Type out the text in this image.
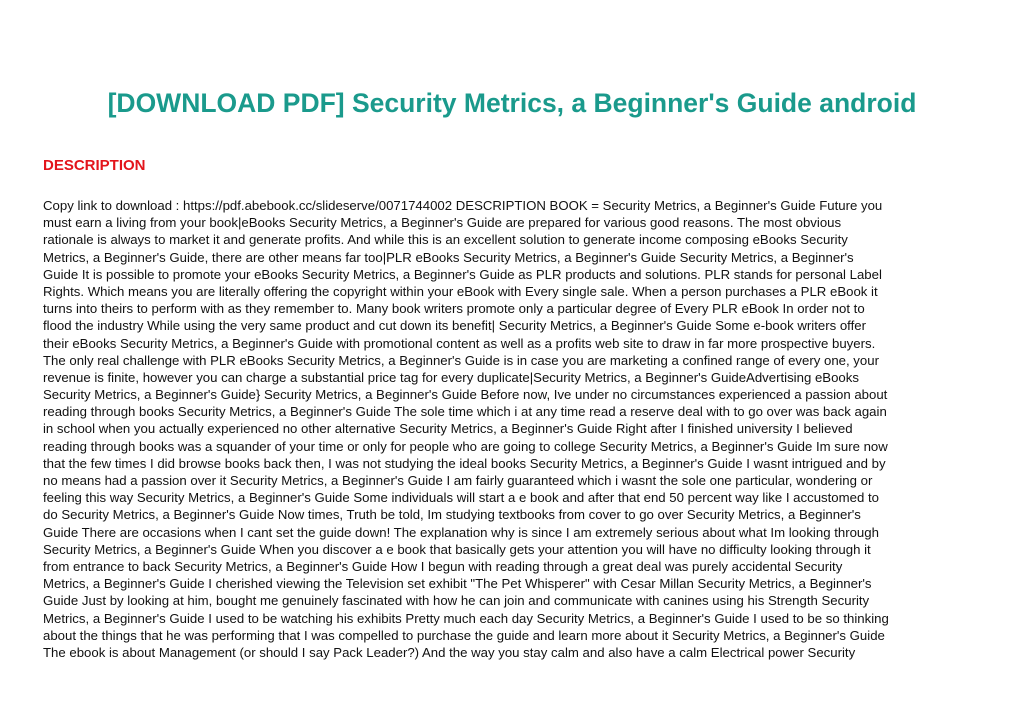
[DOWNLOAD PDF] Security Metrics, a Beginner's Guide android
DESCRIPTION
Copy link to download : https://pdf.abebook.cc/slideserve/0071744002 DESCRIPTION BOOK = Security Metrics, a Beginner's Guide Future you
must earn a living from your book|eBooks Security Metrics, a Beginner's Guide are prepared for various good reasons. The most obvious
rationale is always to market it and generate profits. And while this is an excellent solution to generate income composing eBooks Security
Metrics, a Beginner's Guide, there are other means far too|PLR eBooks Security Metrics, a Beginner's Guide Security Metrics, a Beginner's
Guide It is possible to promote your eBooks Security Metrics, a Beginner's Guide as PLR products and solutions. PLR stands for personal Label
Rights. Which means you are literally offering the copyright within your eBook with Every single sale. When a person purchases a PLR eBook it
turns into theirs to perform with as they remember to. Many book writers promote only a particular degree of Every PLR eBook In order not to
flood the industry While using the very same product and cut down its benefit| Security Metrics, a Beginner's Guide Some e-book writers offer
their eBooks Security Metrics, a Beginner's Guide with promotional content as well as a profits web site to draw in far more prospective buyers.
The only real challenge with PLR eBooks Security Metrics, a Beginner's Guide is in case you are marketing a confined range of every one, your
revenue is finite, however you can charge a substantial price tag for every duplicate|Security Metrics, a Beginner's GuideAdvertising eBooks
Security Metrics, a Beginner's Guide} Security Metrics, a Beginner's Guide Before now, Ive under no circumstances experienced a passion about
reading through books Security Metrics, a Beginner's Guide The sole time which i at any time read a reserve deal with to go over was back again
in school when you actually experienced no other alternative Security Metrics, a Beginner's Guide Right after I finished university I believed
reading through books was a squander of your time or only for people who are going to college Security Metrics, a Beginner's Guide Im sure now
that the few times I did browse books back then, I was not studying the ideal books Security Metrics, a Beginner's Guide I wasnt intrigued and by
no means had a passion over it Security Metrics, a Beginner's Guide I am fairly guaranteed which i wasnt the sole one particular, wondering or
feeling this way Security Metrics, a Beginner's Guide Some individuals will start a e book and after that end 50 percent way like I accustomed to
do Security Metrics, a Beginner's Guide Now times, Truth be told, Im studying textbooks from cover to go over Security Metrics, a Beginner's
Guide There are occasions when I cant set the guide down! The explanation why is since I am extremely serious about what Im looking through
Security Metrics, a Beginner's Guide When you discover a e book that basically gets your attention you will have no difficulty looking through it
from entrance to back Security Metrics, a Beginner's Guide How I begun with reading through a great deal was purely accidental Security
Metrics, a Beginner's Guide I cherished viewing the Television set exhibit "The Pet Whisperer" with Cesar Millan Security Metrics, a Beginner's
Guide Just by looking at him, bought me genuinely fascinated with how he can join and communicate with canines using his Strength Security
Metrics, a Beginner's Guide I used to be watching his exhibits Pretty much each day Security Metrics, a Beginner's Guide I used to be so thinking
about the things that he was performing that I was compelled to purchase the guide and learn more about it Security Metrics, a Beginner's Guide
The ebook is about Management (or should I say Pack Leader?) And the way you stay calm and also have a calm Electrical power Security
